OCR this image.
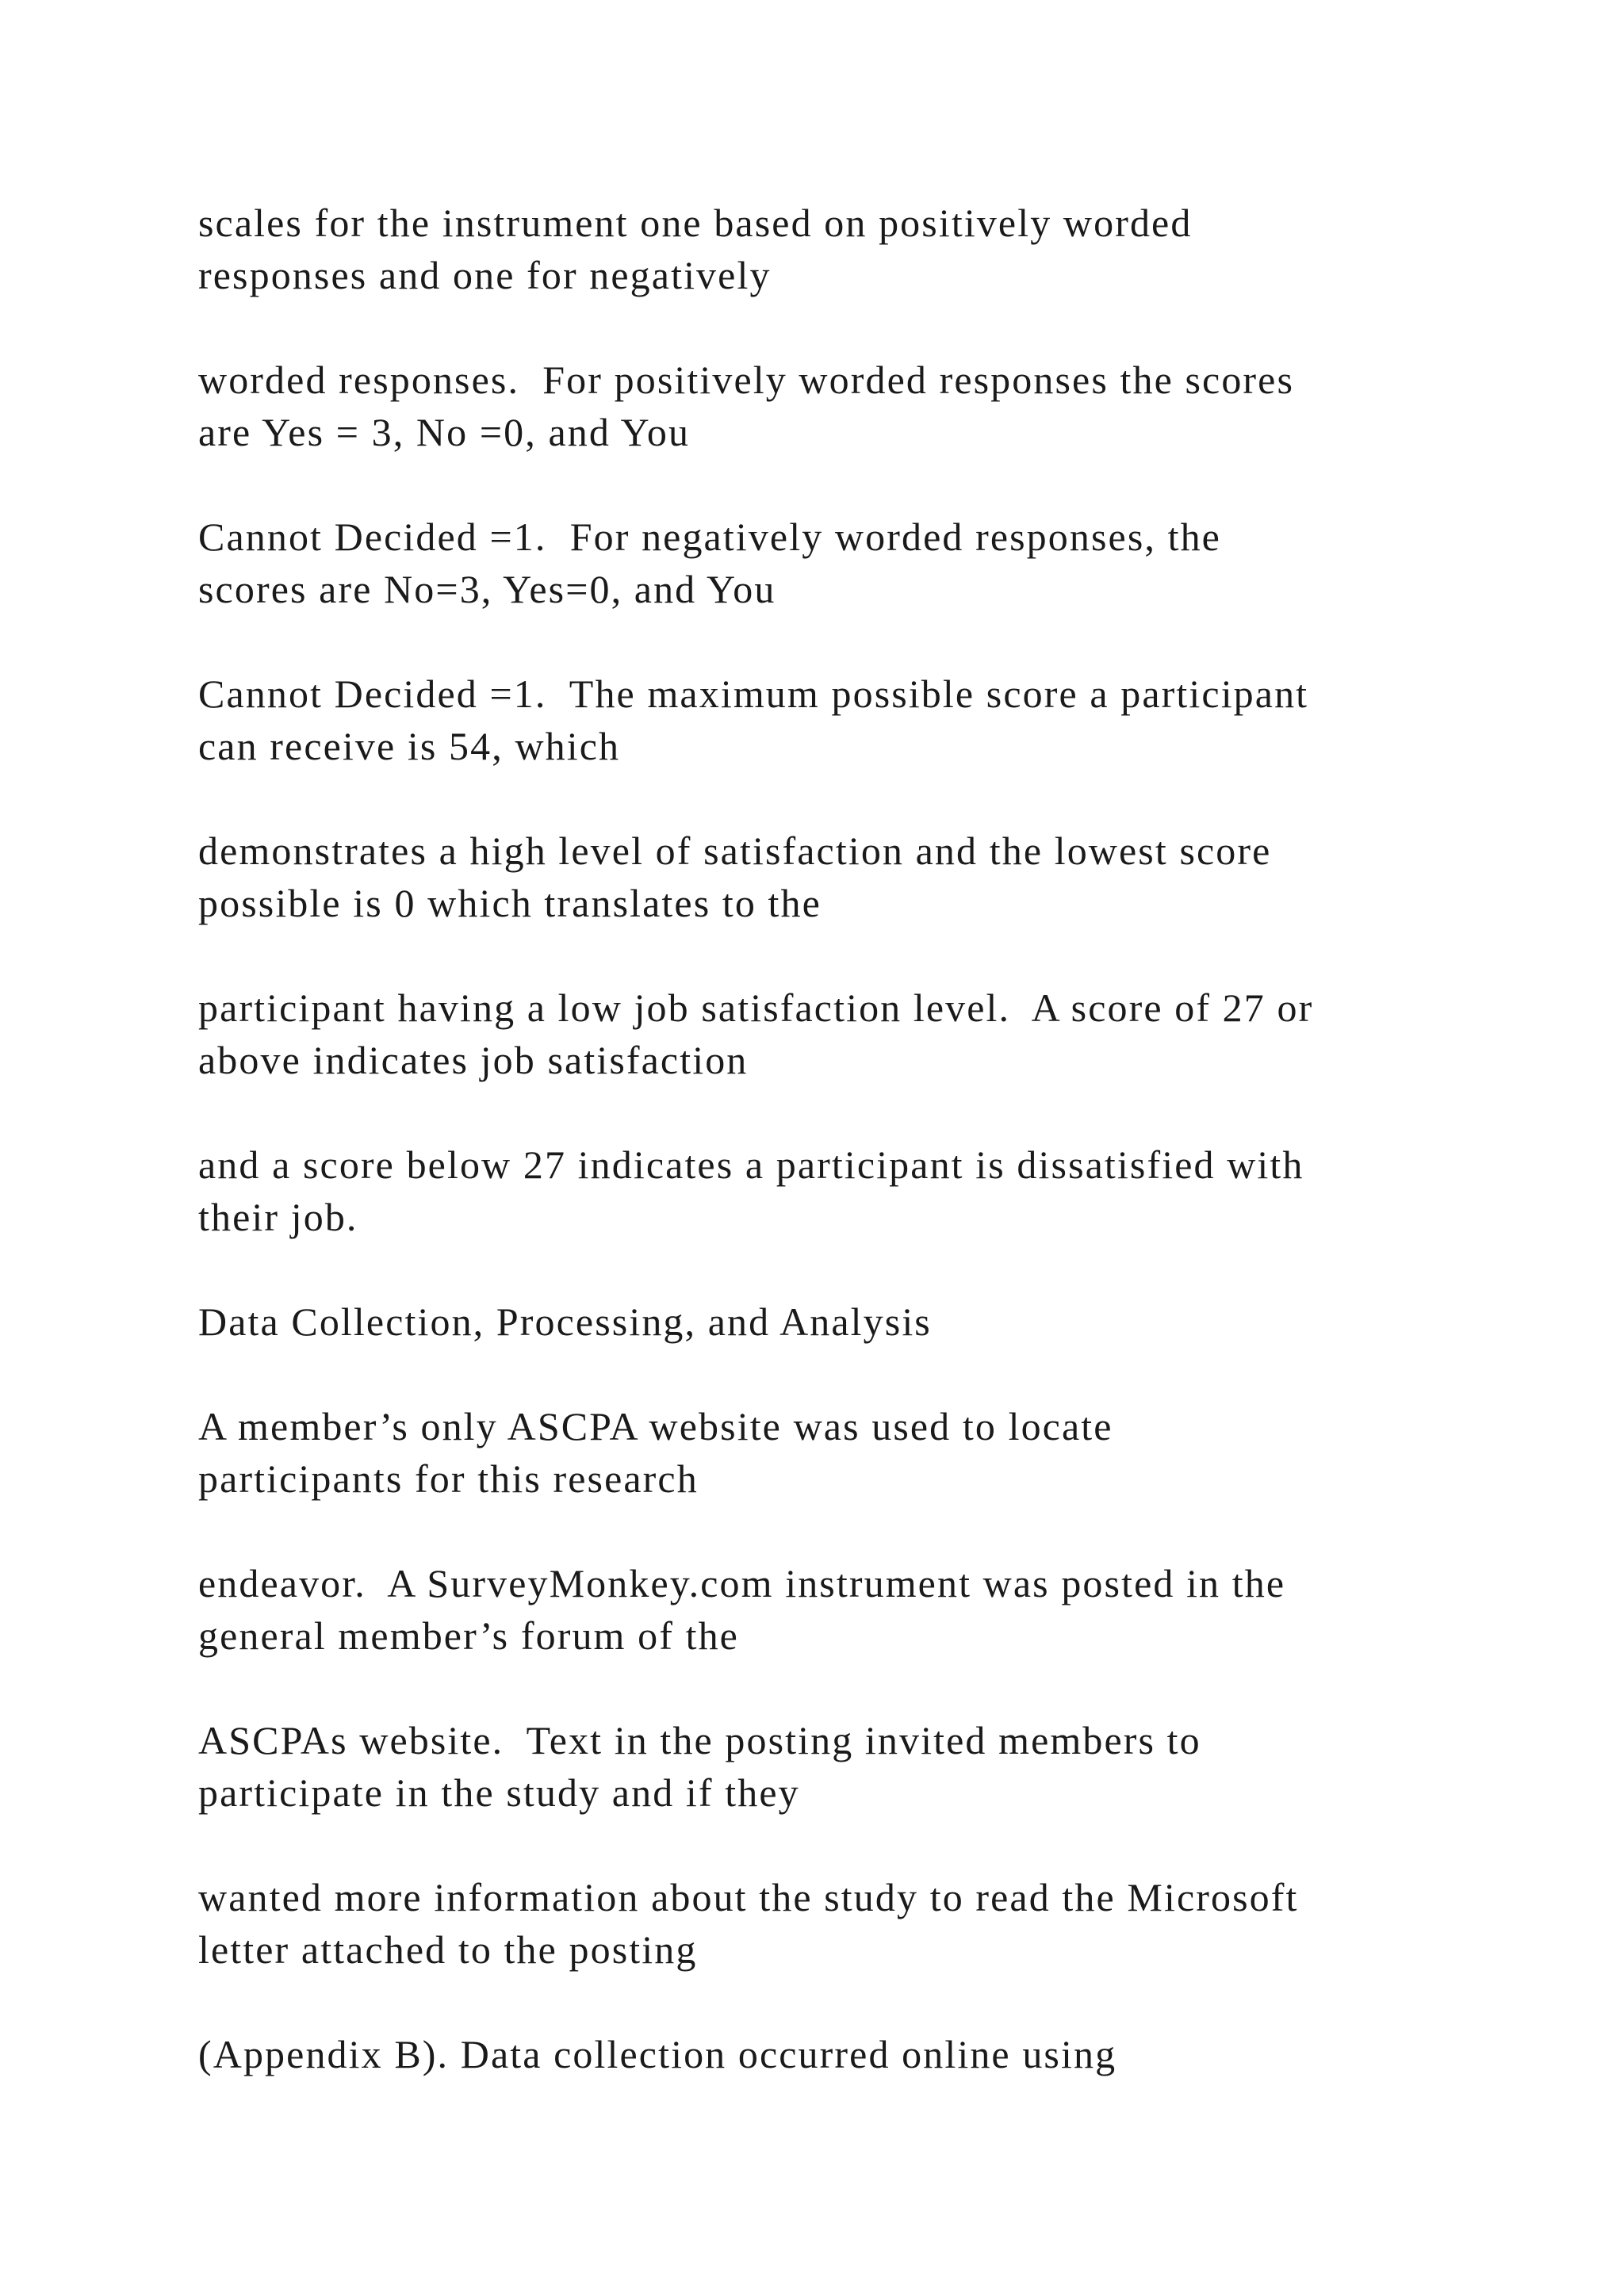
scales for the instrument one based on positively worded

responses and one for negatively

worded responses.  For positively worded responses the scores

are Yes = 3, No =0, and You

Cannot Decided =1.  For negatively worded responses, the

scores are No=3, Yes=0, and You

Cannot Decided =1.  The maximum possible score a participant

can receive is 54, which

demonstrates a high level of satisfaction and the lowest score

possible is 0 which translates to the

participant having a low job satisfaction level.  A score of 27 or

above indicates job satisfaction

and a score below 27 indicates a participant is dissatisfied with

their job.

Data Collection, Processing, and Analysis

A member’s only ASCPA website was used to locate

participants for this research

endeavor.  A SurveyMonkey.com instrument was posted in the

general member’s forum of the

ASCPAs website.  Text in the posting invited members to

participate in the study and if they

wanted more information about the study to read the Microsoft

letter attached to the posting

(Appendix B). Data collection occurred online using
